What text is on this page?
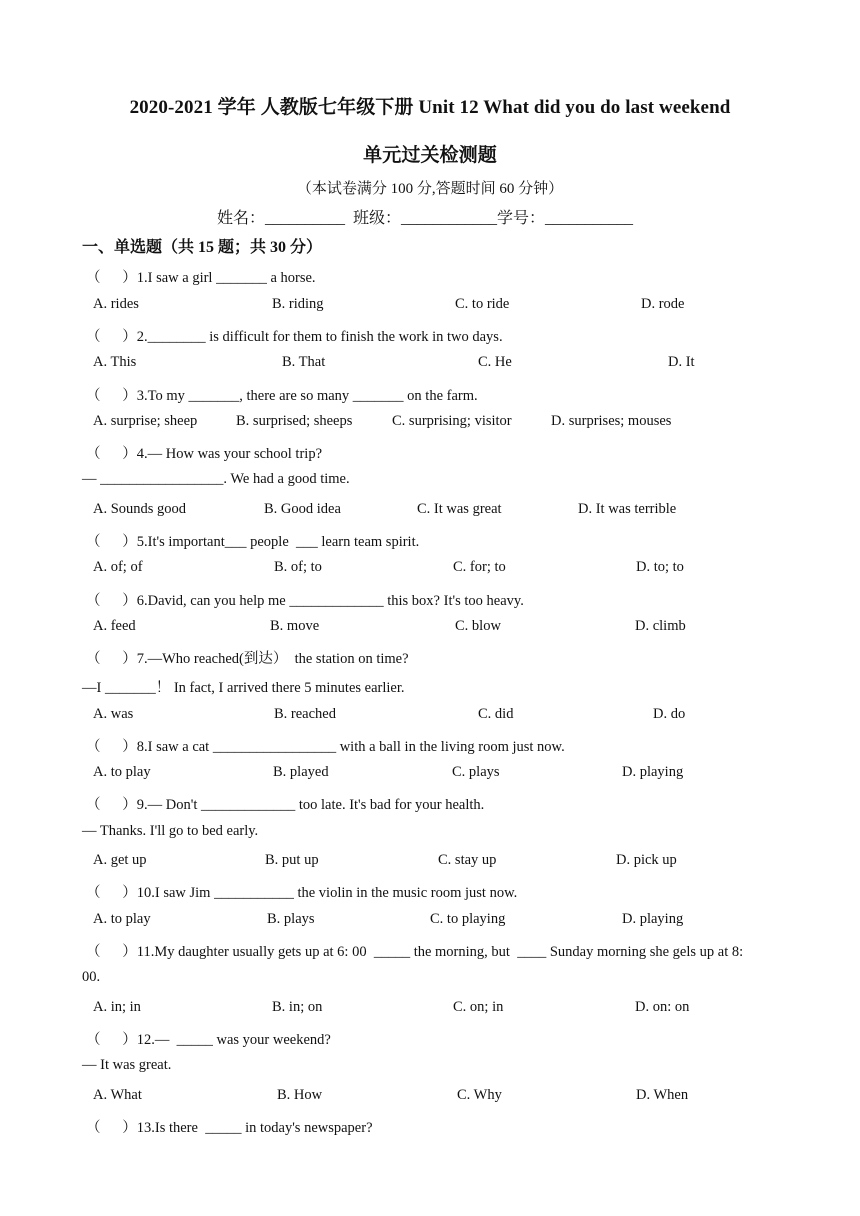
2020-2021 学年 人教版七年级下册 Unit 12 What did you do last weekend
单元过关检测题
（本试卷满分 100 分,答题时间 60 分钟）
姓名：__________  班级：____________学号：___________
一、单选题（共 15 题；共 30 分）
（      ）1.I saw a girl _______ a horse.
A. rides	B. riding	C. to ride	D. rode
（      ）2.________ is difficult for them to finish the work in two days.
A. This	B. That	C. He	D. It
（      ）3.To my _______, there are so many _______ on the farm.
A. surprise; sheep	B. surprised; sheeps	C. surprising; visitor	D. surprises; mouses
（      ）4.— How was your school trip?
— _________________. We had a good time.
A. Sounds good	B. Good idea	C. It was great	D. It was terrible
（      ）5.It's important___ people  ___ learn team spirit.
A. of; of	B. of; to	C. for; to	D. to; to
（      ）6.David, can you help me _____________ this box? It's too heavy.
A. feed	B. move	C. blow	D. climb
（      ）7.—Who reached(到达）  the station on time?
—I _______！ In fact, I arrived there 5 minutes earlier.
A. was	B. reached	C. did	D. do
（      ）8.I saw a cat _________________ with a ball in the living room just now.
A. to play	B. played	C. plays	D. playing
（      ）9.— Don't _____________ too late. It's bad for your health.
— Thanks. I'll go to bed early.
A. get up	B. put up	C. stay up	D. pick up
（      ）10.I saw Jim ___________ the violin in the music room just now.
A. to play	B. plays	C. to playing	D. playing
（      ）11.My daughter usually gets up at 6: 00  _____ the morning, but  ____ Sunday morning she gels up at 8:
00.
A. in; in	B. in; on	C. on; in	D. on: on
（      ）12.—  _____ was your weekend?
— It was great.
A. What	B. How	C. Why	D. When
（      ）13.Is there  _____ in today's newspaper?
